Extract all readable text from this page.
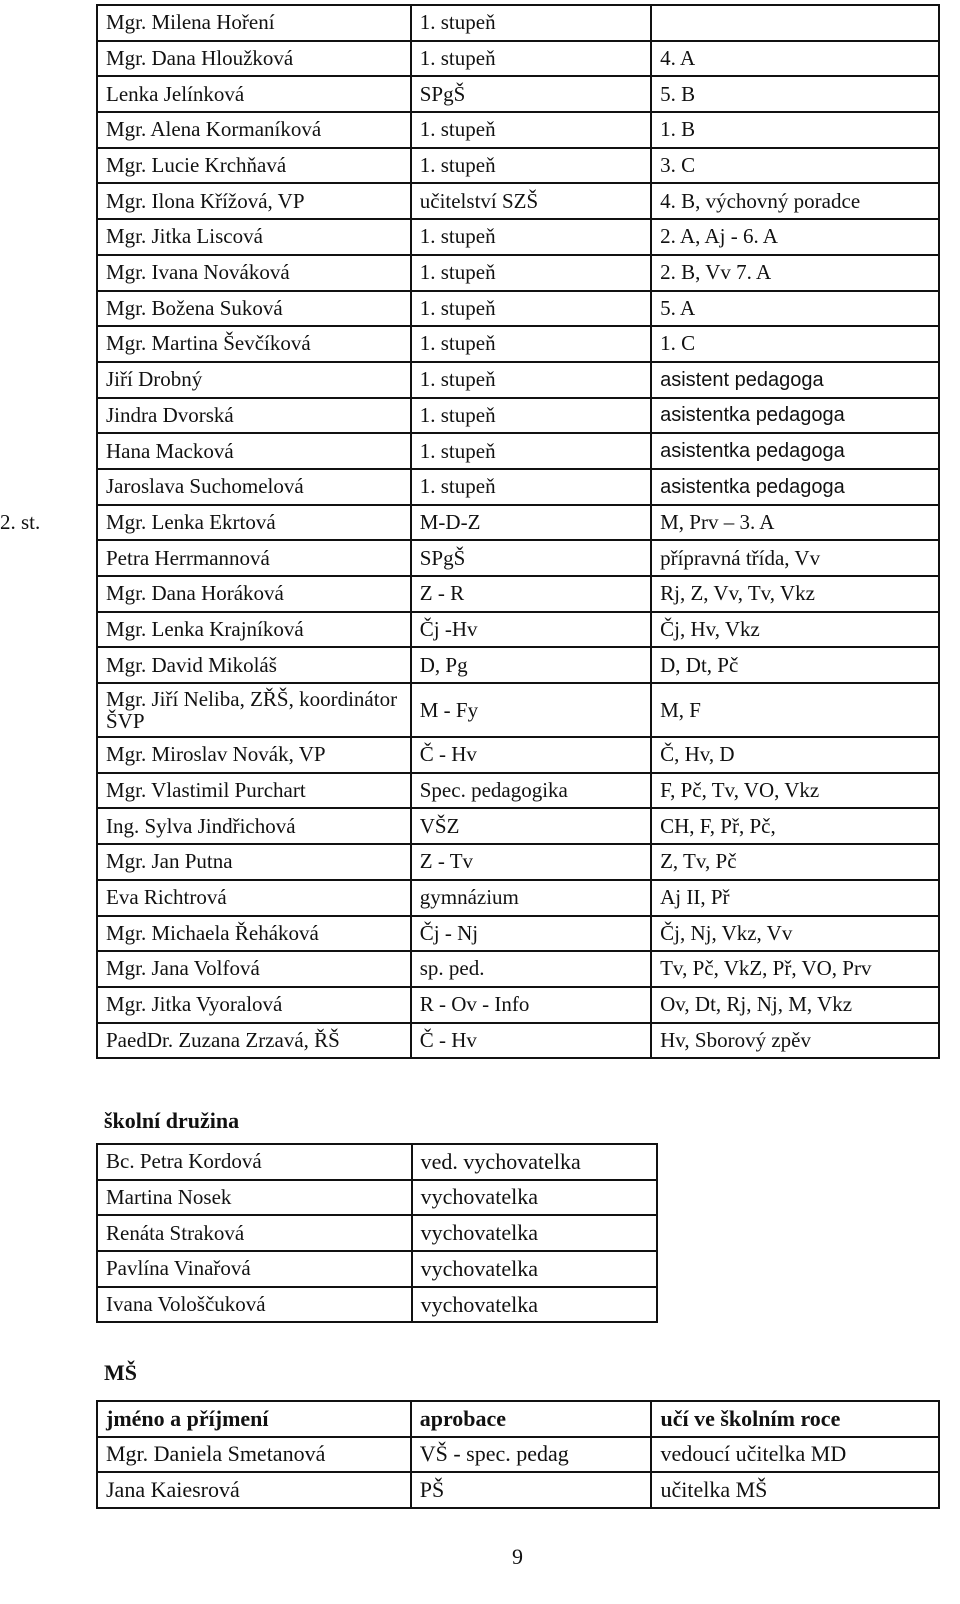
2. st.
Mgr. Milena Hoření	1. stupeň	
Mgr. Dana Hloužková	1. stupeň	4. A
Lenka Jelínková	SPgŠ	5. B
Mgr. Alena Kormaníková	1. stupeň	1. B
Mgr. Lucie Krchňavá	1. stupeň	3. C
Mgr. Ilona Křížová, VP	učitelství SZŠ	4. B, výchovný poradce
Mgr. Jitka Liscová	1. stupeň	2. A, Aj - 6. A
Mgr. Ivana Nováková	1. stupeň	2. B, Vv 7. A
Mgr. Božena Suková	1. stupeň	5. A
Mgr. Martina Ševčíková	1. stupeň	1. C
Jiří Drobný	1. stupeň	asistent pedagoga
Jindra Dvorská	1. stupeň	asistentka pedagoga
Hana Macková	1. stupeň	asistentka pedagoga
Jaroslava Suchomelová	1. stupeň	asistentka pedagoga
Mgr. Lenka Ekrtová	M-D-Z	M, Prv – 3. A
Petra Herrmannová	SPgŠ	přípravná třída, Vv
Mgr. Dana Horáková	Z - R	Rj, Z, Vv, Tv, Vkz
Mgr. Lenka Krajníková	Čj -Hv	Čj, Hv, Vkz
Mgr. David Mikoláš	D, Pg	D, Dt, Pč
Mgr. Jiří Neliba, ZŘŠ, koordinátor ŠVP	M - Fy	M, F
Mgr. Miroslav Novák, VP	Č - Hv	Č, Hv, D
Mgr. Vlastimil Purchart	Spec. pedagogika	F, Pč, Tv, VO, Vkz
Ing. Sylva Jindřichová	VŠZ	CH, F, Př, Pč,
Mgr. Jan Putna	Z - Tv	Z, Tv, Pč
Eva Richtrová	gymnázium	Aj II, Př
Mgr. Michaela Řeháková	Čj - Nj	Čj, Nj, Vkz, Vv
Mgr. Jana Volfová	sp. ped.	Tv, Pč, VkZ, Př, VO, Prv
Mgr. Jitka Vyoralová	R - Ov - Info	Ov, Dt, Rj, Nj, M, Vkz
PaedDr. Zuzana Zrzavá, ŘŠ	Č - Hv	Hv, Sborový zpěv
školní družina
Bc. Petra Kordová	ved. vychovatelka
Martina Nosek	vychovatelka
Renáta Straková	vychovatelka
Pavlína Vinařová	vychovatelka
Ivana Vološčuková	vychovatelka
MŠ
jméno a příjmení	aprobace	učí ve školním roce
Mgr. Daniela Smetanová	VŠ - spec. pedag	vedoucí učitelka MD
Jana Kaiesrová	PŠ	učitelka MŠ
9
